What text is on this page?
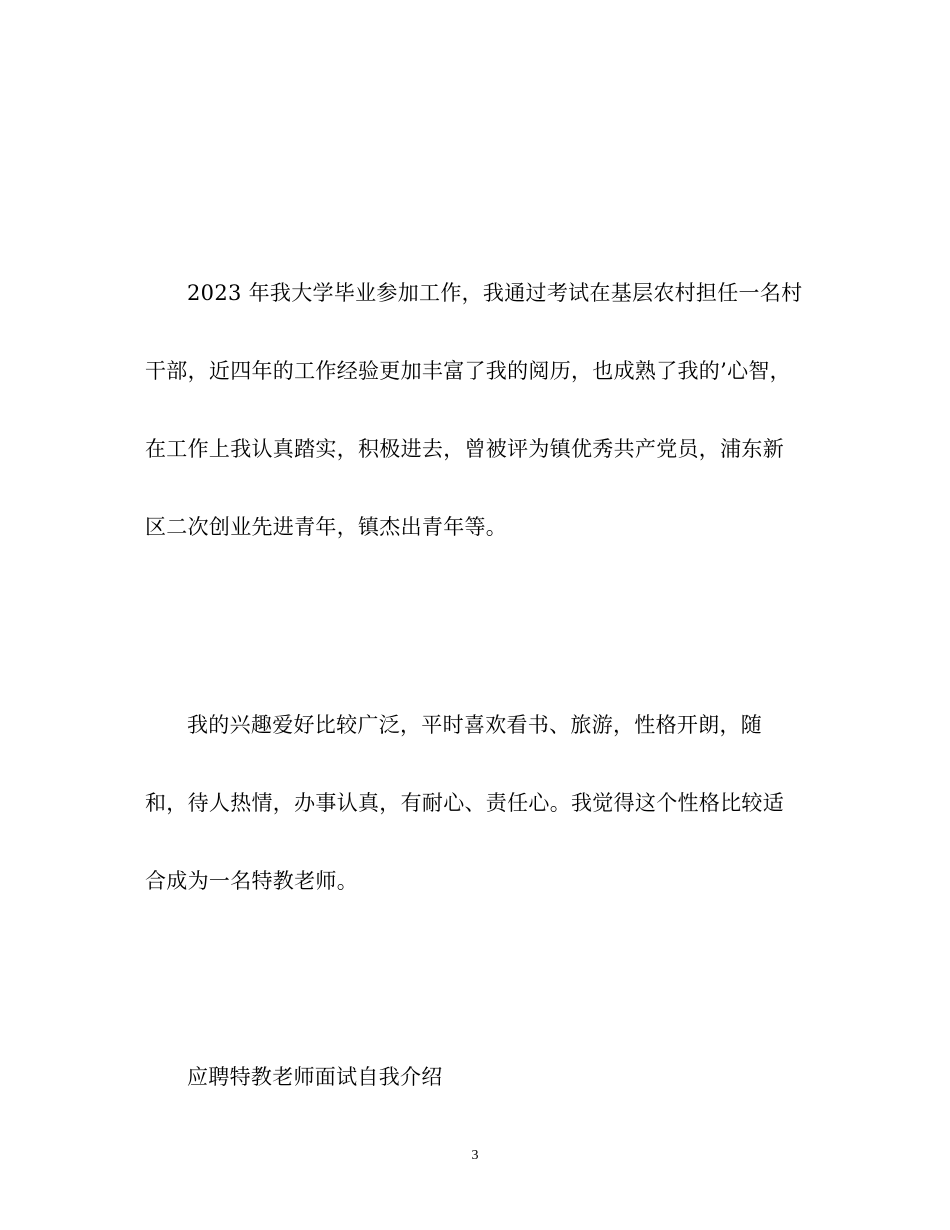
2023 年我大学毕业参加工作，我通过考试在基层农村担任一名村
干部，近四年的工作经验更加丰富了我的阅历，也成熟了我的’心智，
在工作上我认真踏实，积极进去，曾被评为镇优秀共产党员，浦东新
区二次创业先进青年，镇杰出青年等。
我的兴趣爱好比较广泛，平时喜欢看书、旅游，性格开朗，随
和，待人热情，办事认真，有耐心、责任心。我觉得这个性格比较适
合成为一名特教老师。
应聘特教老师面试自我介绍
3
